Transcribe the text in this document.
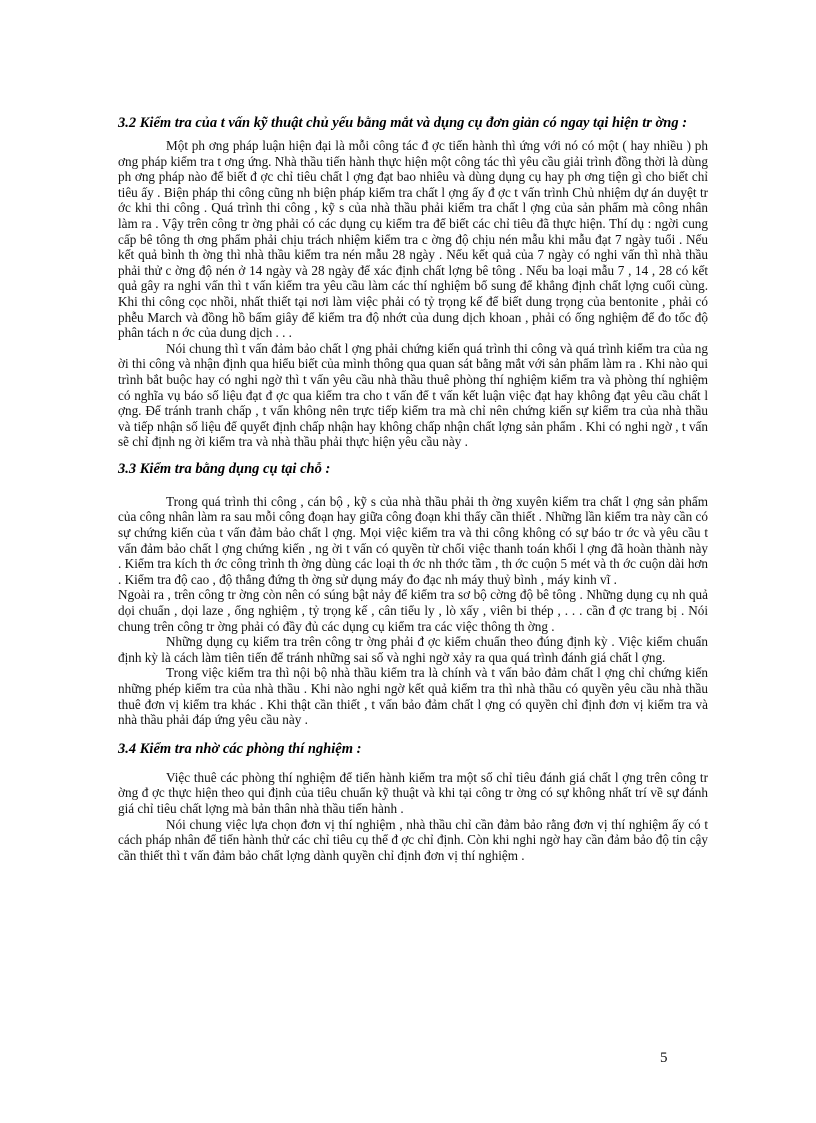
3.2 Kiểm tra của t vấn kỹ thuật chủ yếu bằng mắt và dụng cụ đơn giản có ngay tại hiện tr ờng :

Một ph ơng pháp luận hiện đại là mỗi công tác đ ợc tiến hành thì ứng với nó có một ( hay nhiều ) ph ơng pháp kiểm tra t ơng ứng. Nhà thầu tiến hành thực hiện một công tác thì yêu cầu giải trình đồng thời là dùng ph ơng pháp nào để biết đ ợc chỉ tiêu chất l ợng đạt bao nhiêu và dùng dụng cụ hay ph ơng tiện gì cho biết chỉ tiêu ấy . Biện pháp thi công cũng nh biện pháp kiểm tra chất l ợng ấy đ ợc t vấn trình Chủ nhiệm dự án duyệt tr ớc khi thi công . Quá trình thi công , kỹ s của nhà thầu phải kiểm tra chất l ợng của sản phẩm mà công nhân làm ra . Vậy trên công tr ờng phải có các dụng cụ kiểm tra để biết các chỉ tiêu đã thực hiện. Thí dụ : ngời cung cấp bê tông th ơng phẩm phải chịu trách nhiệm kiểm tra c ờng độ chịu nén mẫu khi mẫu đạt 7 ngày tuổi . Nếu kết quả bình th ờng thì nhà thầu kiểm tra nén mẫu 28 ngày . Nếu kết quả của 7 ngày có nghi vấn thì nhà thầu phải thử c ờng độ nén ở 14 ngày và 28 ngày để xác định chất lợng bê tông . Nếu ba loại mẫu 7 , 14 , 28 có kết quả gây ra nghi vấn thì t vấn kiểm tra yêu cầu làm các thí nghiệm bổ sung để khẳng định chất lợng cuối cùng. Khi thi công cọc nhồi, nhất thiết tại nơi làm việc phải có tỷ trọng kế để biết dung trọng của bentonite , phải có phễu March và đồng hồ bấm giây để kiểm tra độ nhớt của dung dịch khoan , phải có ống nghiệm để đo tốc độ phân tách n ớc của dung dịch . . .

Nói chung thì t vấn đảm bảo chất l ợng phải chứng kiến quá trình thi công và quá trình kiểm tra của ng ời thi công và nhận định qua hiểu biết của mình thông qua quan sát bằng mắt với sản phẩm làm ra . Khi nào qui trình bắt buộc hay có nghi ngờ thì t vấn yêu cầu nhà thầu thuê phòng thí nghiệm kiểm tra và phòng thí nghiệm có nghĩa vụ báo số liệu đạt đ ợc qua kiểm tra cho t vấn để t vấn kết luận việc đạt hay không đạt yêu cầu chất l ợng. Để tránh tranh chấp , t vấn không nên trực tiếp kiểm tra mà chỉ nên chứng kiến sự kiểm tra của nhà thầu và tiếp nhận số liệu để quyết định chấp nhận hay không chấp nhận chất lợng sản phẩm . Khi có nghi ngờ , t vấn sẽ chỉ định ng ời kiểm tra và nhà thầu phải thực hiện yêu cầu này .

3.3 Kiểm tra bằng dụng cụ tại chỗ :

Trong quá trình thi công , cán bộ , kỹ s của nhà thầu phải th ờng xuyên kiểm tra chất l ợng sản phẩm của công nhân làm ra sau mỗi công đoạn hay giữa công đoạn khi thấy cần thiết . Những lần kiểm tra này cần có sự chứng kiến của t vấn đảm bảo chất l ợng. Mọi việc kiểm tra và thi công không có sự báo tr ớc và yêu cầu t vấn đảm bảo chất l ợng chứng kiến , ng ời t vấn có quyền từ chối việc thanh toán khối l ợng đã hoàn thành này . Kiểm tra kích th ớc công trình th ờng dùng các loại th ớc nh thớc tầm , th ớc cuộn 5 mét và th ớc cuộn dài hơn . Kiểm tra độ cao , độ thẳng đứng th ờng sử dụng máy đo đạc nh máy thuỷ bình , máy kinh vĩ .

Ngoài ra , trên công tr ờng còn nên có súng bật nảy để kiểm tra sơ bộ cờng độ bê tông . Những dụng cụ nh quả dọi chuẩn , dọi laze , ống nghiệm , tỷ trọng kế , cân tiểu ly , lò xấy , viên bi thép , . . . cần đ ợc trang bị . Nói chung trên công tr ờng phải có đầy đủ các dụng cụ kiểm tra các việc thông th ờng .

Những dụng cụ kiểm tra trên công tr ờng phải đ ợc kiểm chuẩn theo đúng định kỳ . Việc kiểm chuẩn định kỳ là cách làm tiên tiến để tránh những sai số và nghi ngờ xảy ra qua quá trình đánh giá chất l ợng.

Trong việc kiểm tra thì nội bộ nhà thầu kiểm tra là chính và t vấn bảo đảm chất l ợng chỉ chứng kiến những phép kiểm tra của nhà thầu . Khi nào nghi ngờ kết quả kiểm tra thì nhà thầu có quyền yêu cầu nhà thầu thuê đơn vị kiểm tra khác . Khi thật cần thiết , t vấn bảo đảm chất l ợng có quyền chỉ định đơn vị kiểm tra và nhà thầu phải đáp ứng yêu cầu này .

3.4 Kiểm tra nhờ các phòng thí nghiệm :

Việc thuê các phòng thí nghiệm để tiến hành kiểm tra một số chỉ tiêu đánh giá chất l ợng trên công tr ờng đ ợc thực hiện theo qui định của tiêu chuẩn kỹ thuật và khi tại công tr ờng có sự không nhất trí về sự đánh giá chỉ tiêu chất lợng mà bản thân nhà thầu tiến hành .

Nói chung việc lựa chọn đơn vị thí nghiệm , nhà thầu chỉ cần đảm bảo rằng đơn vị thí nghiệm ấy có t cách pháp nhân để tiến hành thử các chỉ tiêu cụ thể đ ợc chỉ định. Còn khi nghi ngờ hay cần đảm bảo độ tin cậy cần thiết thì t vấn đảm bảo chất lợng dành quyền chỉ định đơn vị thí nghiệm .

5
